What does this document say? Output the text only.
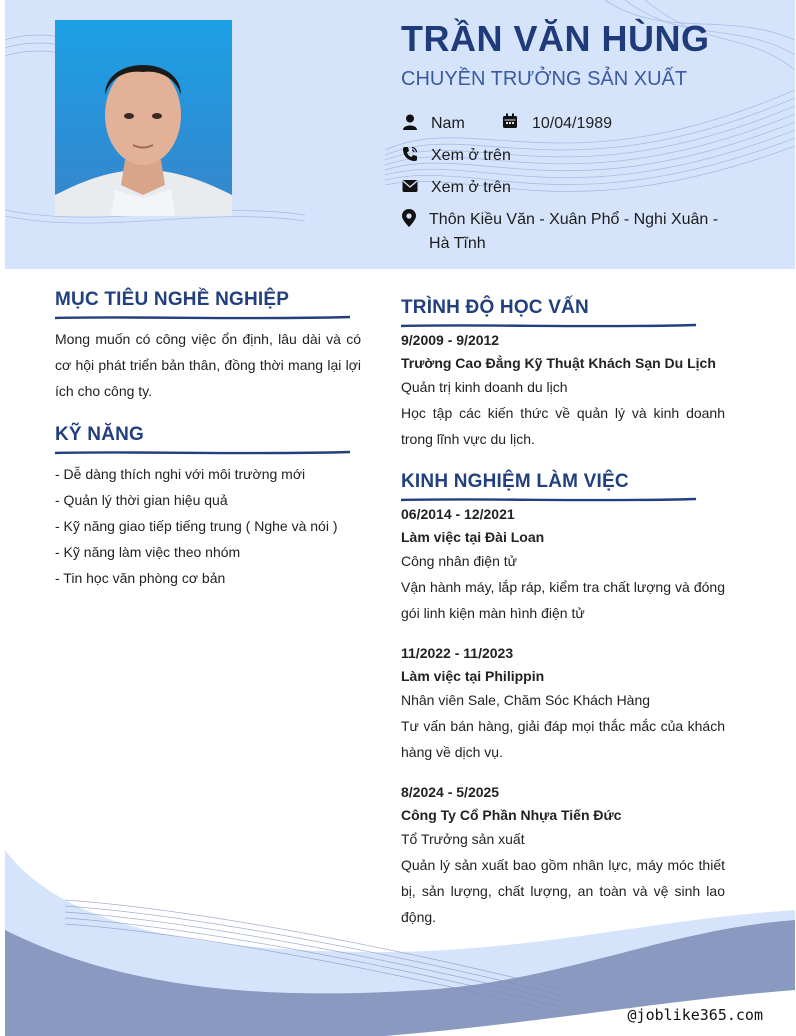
TRẦN VĂN HÙNG
CHUYỀN TRƯỞNG SẢN XUẤT
Nam	10/04/1989
Xem ở trên
Xem ở trên
Thôn Kiều Văn - Xuân Phổ - Nghi Xuân - Hà Tĩnh
MỤC TIÊU NGHỀ NGHIỆP
Mong muốn có công việc ổn định, lâu dài và có cơ hội phát triển bản thân, đồng thời mang lại lợi ích cho công ty.
KỸ NĂNG
- Dễ dàng thích nghi với môi trường mới
- Quản lý thời gian hiệu quả
- Kỹ năng giao tiếp tiếng trung ( Nghe và nói )
- Kỹ năng làm việc theo nhóm
- Tin học văn phòng cơ bản
TRÌNH ĐỘ HỌC VẤN
9/2009 - 9/2012
Trường Cao Đẳng Kỹ Thuật Khách Sạn Du Lịch
Quản trị kinh doanh du lịch
Học tập các kiến thức về quản lý và kinh doanh trong lĩnh vực du lịch.
KINH NGHIỆM LÀM VIỆC
06/2014 - 12/2021
Làm việc tại Đài Loan
Công nhân điện tử
Vận hành máy, lắp ráp, kiểm tra chất lượng và đóng gói linh kiện màn hình điện tử
11/2022 - 11/2023
Làm việc tại Philippin
Nhân viên Sale, Chăm Sóc Khách Hàng
Tư vấn bán hàng, giải đáp mọi thắc mắc của khách hàng về dịch vụ.
8/2024 - 5/2025
Công Ty Cổ Phần Nhựa Tiến Đức
Tổ Trưởng sản xuất
Quản lý sản xuất bao gồm nhân lực, máy móc thiết bị, sản lượng, chất lượng, an toàn và vệ sinh lao động.
@joblike365.com
